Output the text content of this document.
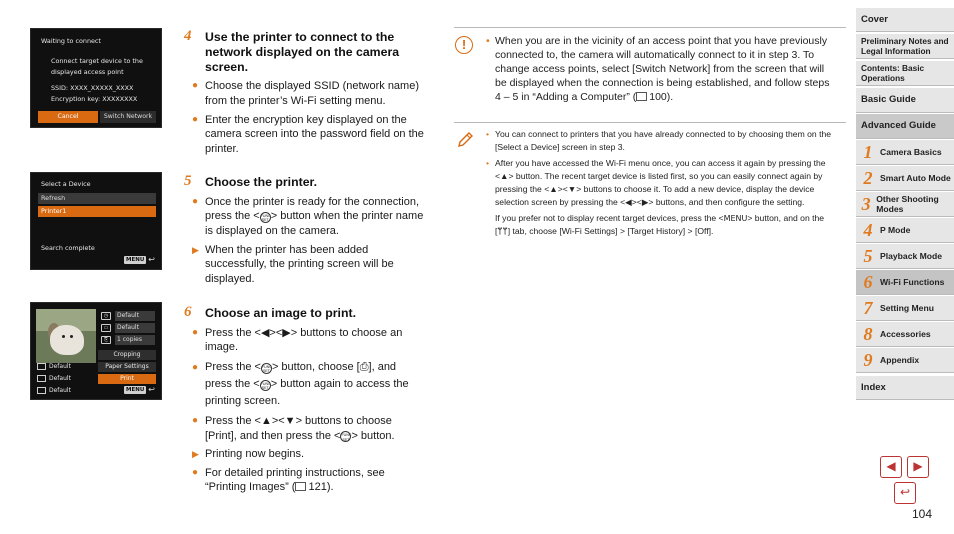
Waiting to connect
Connect target device to the
displayed access point
SSID: XXXX_XXXXX_XXXX
Encryption key: XXXXXXXX
Cancel	Switch Network
Select a Device
Refresh
Printer1
Search complete
MENU ↩
◷	Default
▭	Default
⎘	1 copies
Cropping
Paper Settings
Print
Default
Default
Default	MENU ↩
4 Use the printer to connect to the network displayed on the camera screen.
● Choose the displayed SSID (network name) from the printer’s Wi-Fi setting menu.
● Enter the encryption key displayed on the camera screen into the password field on the printer.
5 Choose the printer.
● Once the printer is ready for the connection, press the <FUNC SET > button when the printer name is displayed on the camera.
▶ When the printer has been added successfully, the printing screen will be displayed.
6 Choose an image to print.
● Press the <◀><▶> buttons to choose an image.
● Press the <FUNC SET > button, choose [⎙], and press the <FUNC SET > button again to access the printing screen.
● Press the <▲><▼> buttons to choose [Print], and then press the <FUNC SET > button.
▶ Printing now begins.
● For detailed printing instructions, see “Printing Images” ( 121).
!	• When you are in the vicinity of an access point that you have previously connected to, the camera will automatically connect to it in step 3. To change access points, select [Switch Network] from the screen that will be displayed when the connection is being established, and follow steps 4 – 5 in “Adding a Computer” ( 100).

• You can connect to printers that you have already connected to by choosing them on the [Select a Device] screen in step 3.

• After you have accessed the Wi-Fi menu once, you can access it again by pressing the <▲> button. The recent target device is listed first, so you can easily connect again by pressing the <▲><▼> buttons to choose it. To add a new device, display the device selection screen by pressing the <◀><▶> buttons, and then configure the setting.

If you prefer not to display recent target devices, press the <MENU> button, and on the [ᛘᛘ] tab, choose [Wi-Fi Settings] > [Target History] > [Off].

Cover
Preliminary Notes and Legal Information
Contents: Basic Operations
Basic Guide
Advanced Guide
1 Camera Basics
2 Smart Auto Mode
3 Other Shooting Modes
4 P Mode
5 Playback Mode
6 Wi-Fi Functions
7 Setting Menu
8 Accessories
9 Appendix
Index
◀	▶
↩
104
